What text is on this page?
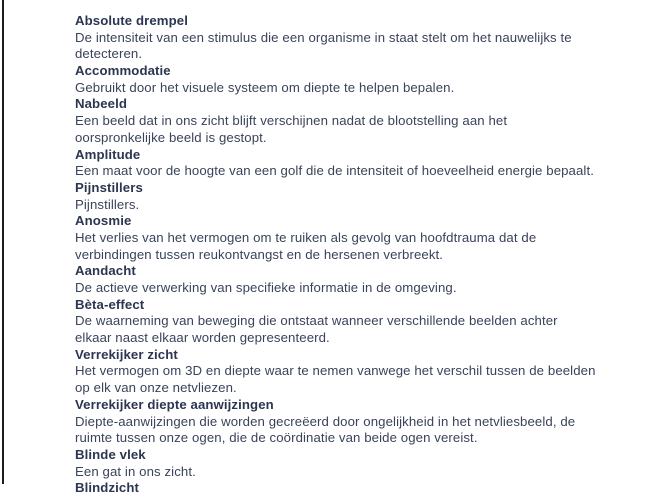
Absolute drempel
De intensiteit van een stimulus die een organisme in staat stelt om het nauwelijks te
detecteren.
Accommodatie
Gebruikt door het visuele systeem om diepte te helpen bepalen.
Nabeeld
Een beeld dat in ons zicht blijft verschijnen nadat de blootstelling aan het
oorspronkelijke beeld is gestopt.
Amplitude
Een maat voor de hoogte van een golf die de intensiteit of hoeveelheid energie bepaalt.
Pijnstillers
Pijnstillers.
Anosmie
Het verlies van het vermogen om te ruiken als gevolg van hoofdtrauma dat de
verbindingen tussen reukontvangst en de hersenen verbreekt.
Aandacht
De actieve verwerking van specifieke informatie in de omgeving.
Bèta-effect
De waarneming van beweging die ontstaat wanneer verschillende beelden achter
elkaar naast elkaar worden gepresenteerd.
Verrekijker zicht
Het vermogen om 3D en diepte waar te nemen vanwege het verschil tussen de beelden
op elk van onze netvliezen.
Verrekijker diepte aanwijzingen
Diepte-aanwijzingen die worden gecreëerd door ongelijkheid in het netvliesbeeld, de
ruimte tussen onze ogen, die de coördinatie van beide ogen vereist.
Blinde vlek
Een gat in ons zicht.
Blindzicht
